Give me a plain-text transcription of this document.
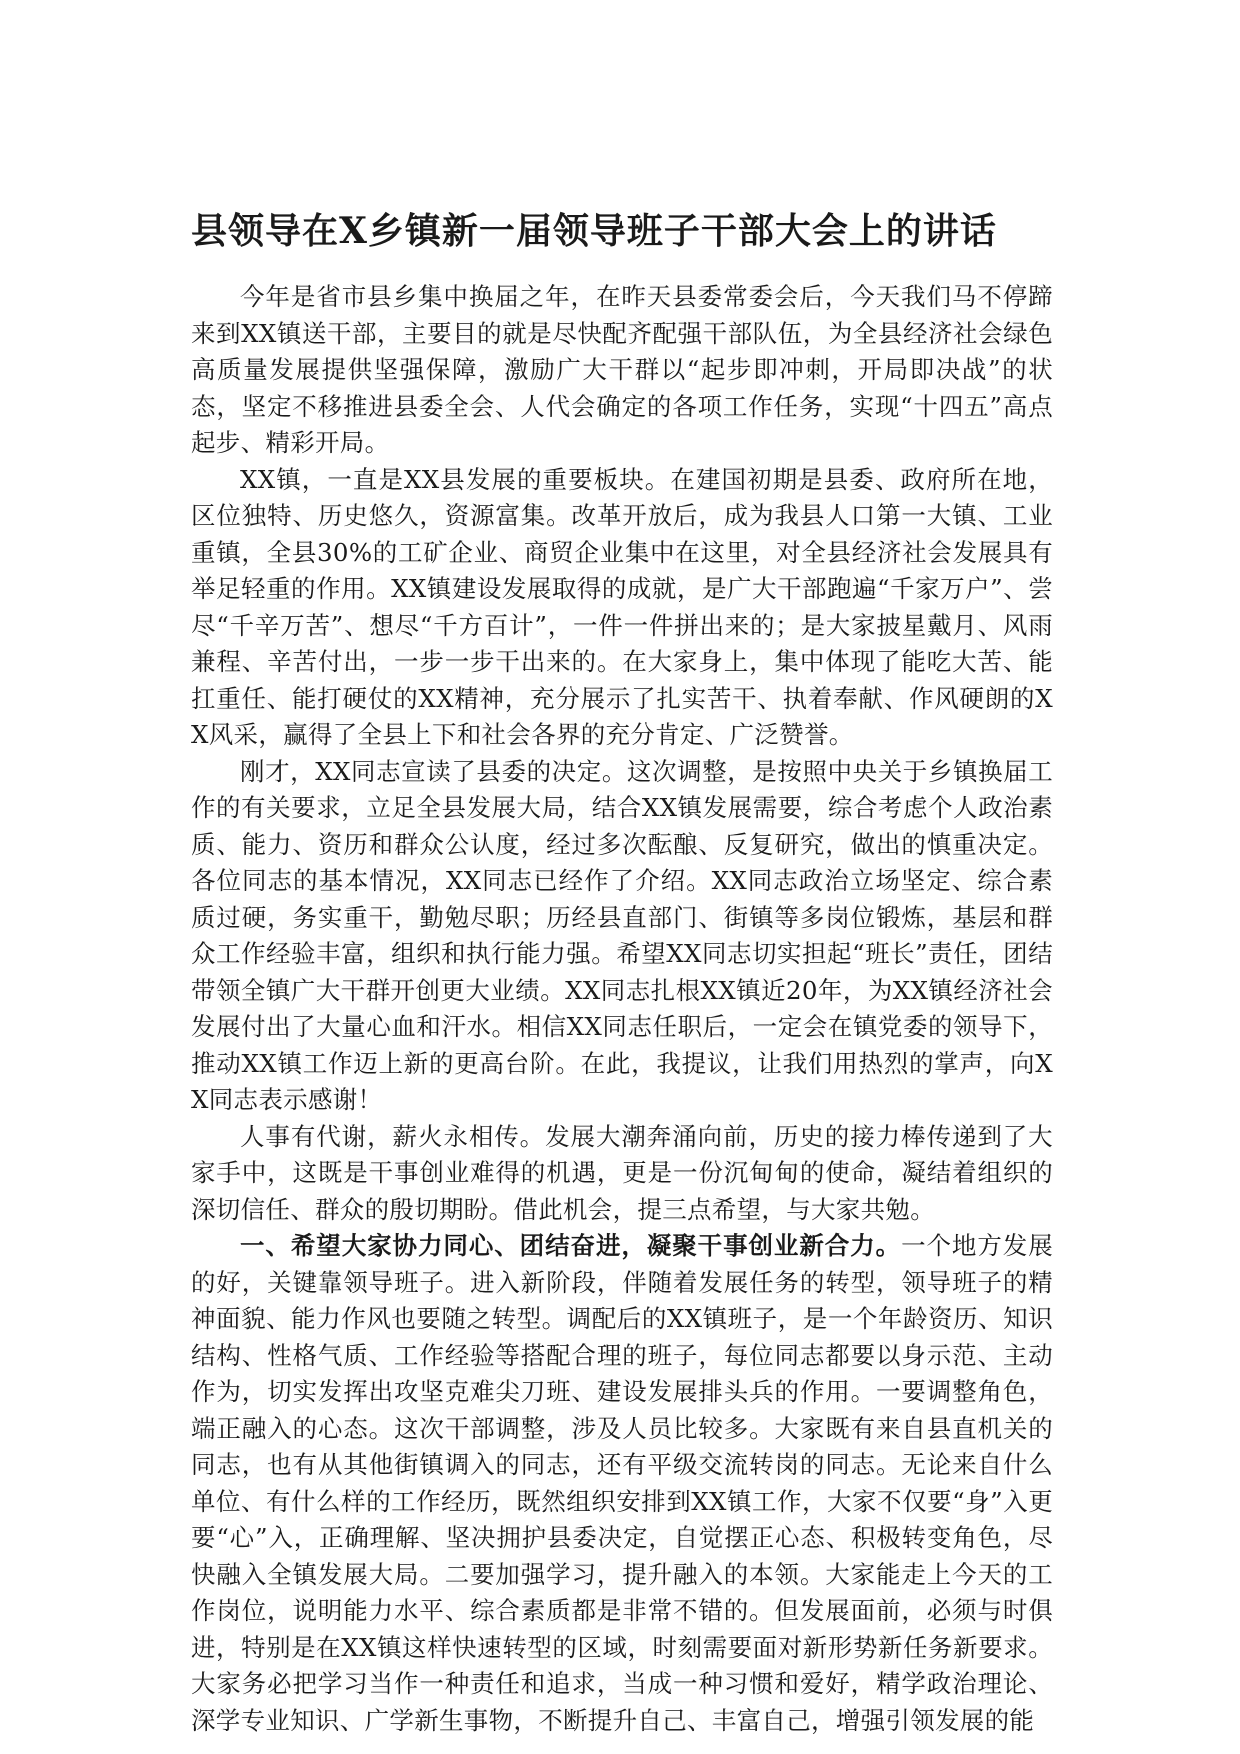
县领导在X乡镇新一届领导班子干部大会上的讲话

今年是省市县乡集中换届之年，在昨天县委常委会后，今天我们马不停蹄来到XX镇送干部，主要目的就是尽快配齐配强干部队伍，为全县经济社会绿色高质量发展提供坚强保障，激励广大干群以“起步即冲刺，开局即决战”的状态，坚定不移推进县委全会、人代会确定的各项工作任务，实现“十四五”高点起步、精彩开局。

XX镇，一直是XX县发展的重要板块。在建国初期是县委、政府所在地，区位独特、历史悠久，资源富集。改革开放后，成为我县人口第一大镇、工业重镇，全县30%的工矿企业、商贸企业集中在这里，对全县经济社会发展具有举足轻重的作用。XX镇建设发展取得的成就，是广大干部跑遍“千家万户”、尝尽“千辛万苦”、想尽“千方百计”，一件一件拼出来的；是大家披星戴月、风雨兼程、辛苦付出，一步一步干出来的。在大家身上，集中体现了能吃大苦、能扛重任、能打硬仗的XX精神，充分展示了扎实苦干、执着奉献、作风硬朗的XX风采，赢得了全县上下和社会各界的充分肯定、广泛赞誉。

刚才，XX同志宣读了县委的决定。这次调整，是按照中央关于乡镇换届工作的有关要求，立足全县发展大局，结合XX镇发展需要，综合考虑个人政治素质、能力、资历和群众公认度，经过多次酝酿、反复研究，做出的慎重决定。各位同志的基本情况，XX同志已经作了介绍。XX同志政治立场坚定、综合素质过硬，务实重干，勤勉尽职；历经县直部门、街镇等多岗位锻炼，基层和群众工作经验丰富，组织和执行能力强。希望XX同志切实担起“班长”责任，团结带领全镇广大干群开创更大业绩。XX同志扎根XX镇近20年，为XX镇经济社会发展付出了大量心血和汗水。相信XX同志任职后，一定会在镇党委的领导下，推动XX镇工作迈上新的更高台阶。在此，我提议，让我们用热烈的掌声，向XX同志表示感谢！

人事有代谢，薪火永相传。发展大潮奔涌向前，历史的接力棒传递到了大家手中，这既是干事创业难得的机遇，更是一份沉甸甸的使命，凝结着组织的深切信任、群众的殷切期盼。借此机会，提三点希望，与大家共勉。

一、希望大家协力同心、团结奋进，凝聚干事创业新合力。一个地方发展的好，关键靠领导班子。进入新阶段，伴随着发展任务的转型，领导班子的精神面貌、能力作风也要随之转型。调配后的XX镇班子，是一个年龄资历、知识结构、性格气质、工作经验等搭配合理的班子，每位同志都要以身示范、主动作为，切实发挥出攻坚克难尖刀班、建设发展排头兵的作用。一要调整角色，端正融入的心态。这次干部调整，涉及人员比较多。大家既有来自县直机关的同志，也有从其他街镇调入的同志，还有平级交流转岗的同志。无论来自什么单位、有什么样的工作经历，既然组织安排到XX镇工作，大家不仅要“身”入更要“心”入，正确理解、坚决拥护县委决定，自觉摆正心态、积极转变角色，尽快融入全镇发展大局。二要加强学习，提升融入的本领。大家能走上今天的工作岗位，说明能力水平、综合素质都是非常不错的。但发展面前，必须与时俱进，特别是在XX镇这样快速转型的区域，时刻需要面对新形势新任务新要求。大家务必把学习当作一种责任和追求，当成一种习惯和爱好，精学政治理论、深学专业知识、广学新生事物，不断提升自己、丰富自己，增强引领发展的能
